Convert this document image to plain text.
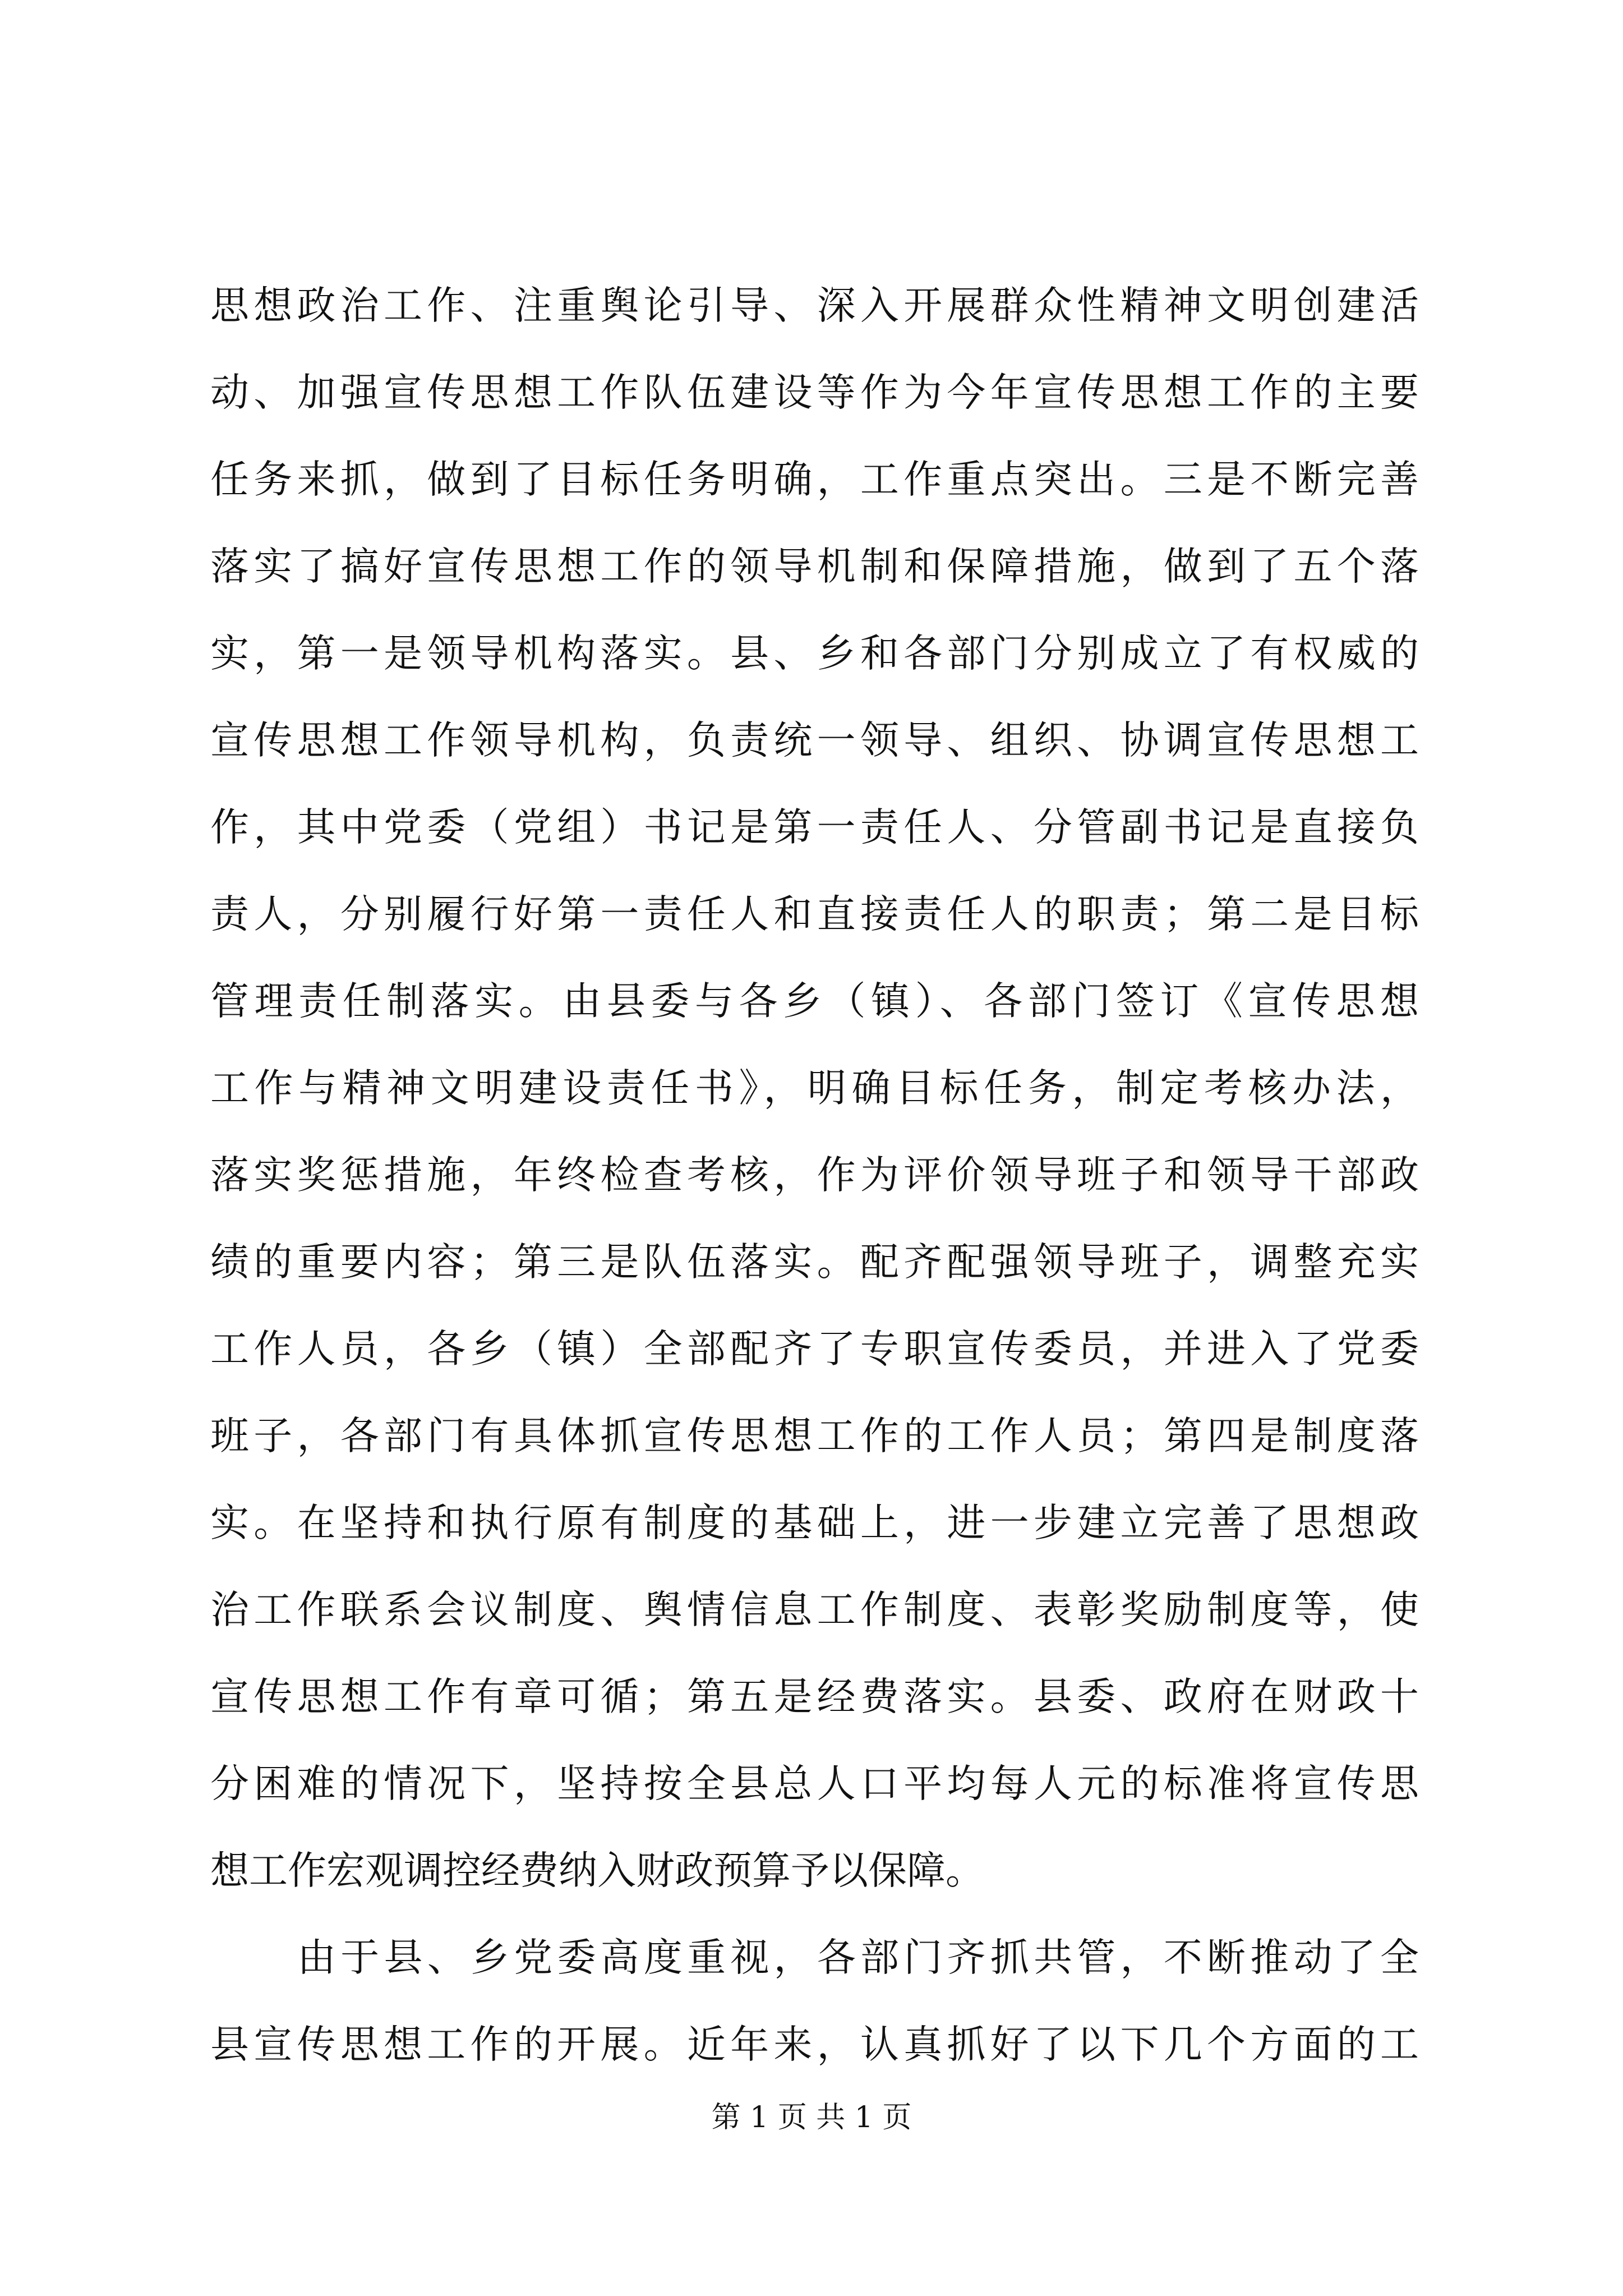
思想政治工作、注重舆论引导、深入开展群众性精神文明创建活
动、加强宣传思想工作队伍建设等作为今年宣传思想工作的主要
任务来抓，做到了目标任务明确，工作重点突出。三是不断完善
落实了搞好宣传思想工作的领导机制和保障措施，做到了五个落
实，第一是领导机构落实。县、乡和各部门分别成立了有权威的
宣传思想工作领导机构，负责统一领导、组织、协调宣传思想工
作，其中党委（党组）书记是第一责任人、分管副书记是直接负
责人，分别履行好第一责任人和直接责任人的职责；第二是目标
管理责任制落实。由县委与各乡（镇）、各部门签订《宣传思想
工作与精神文明建设责任书》，明确目标任务，制定考核办法，
落实奖惩措施，年终检查考核，作为评价领导班子和领导干部政
绩的重要内容；第三是队伍落实。配齐配强领导班子，调整充实
工作人员，各乡（镇）全部配齐了专职宣传委员，并进入了党委
班子，各部门有具体抓宣传思想工作的工作人员；第四是制度落
实。在坚持和执行原有制度的基础上，进一步建立完善了思想政
治工作联系会议制度、舆情信息工作制度、表彰奖励制度等，使
宣传思想工作有章可循；第五是经费落实。县委、政府在财政十
分困难的情况下，坚持按全县总人口平均每人元的标准将宣传思
想工作宏观调控经费纳入财政预算予以保障。
由于县、乡党委高度重视，各部门齐抓共管，不断推动了全
县宣传思想工作的开展。近年来，认真抓好了以下几个方面的工
第 1 页 共 1 页
